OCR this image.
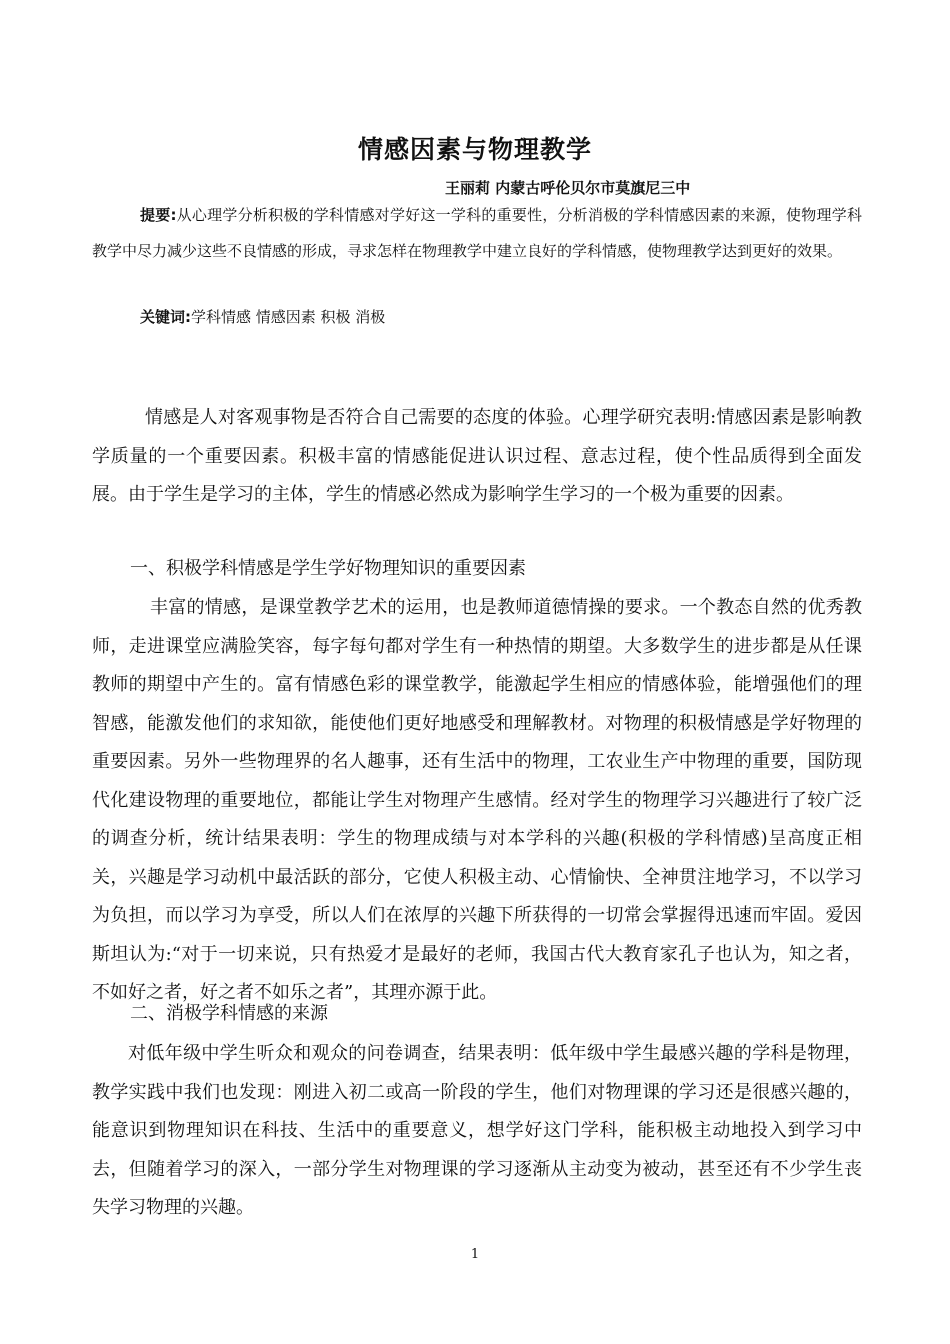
情感因素与物理教学
王丽莉 内蒙古呼伦贝尔市莫旗尼三中
提要:从心理学分析积极的学科情感对学好这一学科的重要性，分析消极的学科情感因素的来源，使物理学科教学中尽力减少这些不良情感的形成，寻求怎样在物理教学中建立良好的学科情感，使物理教学达到更好的效果。
关键词:学科情感 情感因素 积极 消极
情感是人对客观事物是否符合自己需要的态度的体验。心理学研究表明:情感因素是影响教学质量的一个重要因素。积极丰富的情感能促进认识过程、意志过程，使个性品质得到全面发展。由于学生是学习的主体，学生的情感必然成为影响学生学习的一个极为重要的因素。
一、积极学科情感是学生学好物理知识的重要因素
丰富的情感，是课堂教学艺术的运用，也是教师道德情操的要求。一个教态自然的优秀教师，走进课堂应满脸笑容，每字每句都对学生有一种热情的期望。大多数学生的进步都是从任课教师的期望中产生的。富有情感色彩的课堂教学，能激起学生相应的情感体验，能增强他们的理智感，能激发他们的求知欲，能使他们更好地感受和理解教材。对物理的积极情感是学好物理的重要因素。另外一些物理界的名人趣事，还有生活中的物理，工农业生产中物理的重要，国防现代化建设物理的重要地位，都能让学生对物理产生感情。经对学生的物理学习兴趣进行了较广泛的调查分析，统计结果表明：学生的物理成绩与对本学科的兴趣(积极的学科情感)呈高度正相关，兴趣是学习动机中最活跃的部分，它使人积极主动、心情愉快、全神贯注地学习，不以学习为负担，而以学习为享受，所以人们在浓厚的兴趣下所获得的一切常会掌握得迅速而牢固。爱因斯坦认为:“对于一切来说，只有热爱才是最好的老师，我国古代大教育家孔子也认为，知之者，不如好之者，好之者不如乐之者”，其理亦源于此。
二、消极学科情感的来源
对低年级中学生听众和观众的问卷调查，结果表明：低年级中学生最感兴趣的学科是物理，教学实践中我们也发现：刚进入初二或高一阶段的学生，他们对物理课的学习还是很感兴趣的，能意识到物理知识在科技、生活中的重要意义，想学好这门学科，能积极主动地投入到学习中去，但随着学习的深入，一部分学生对物理课的学习逐渐从主动变为被动，甚至还有不少学生丧失学习物理的兴趣。
1
